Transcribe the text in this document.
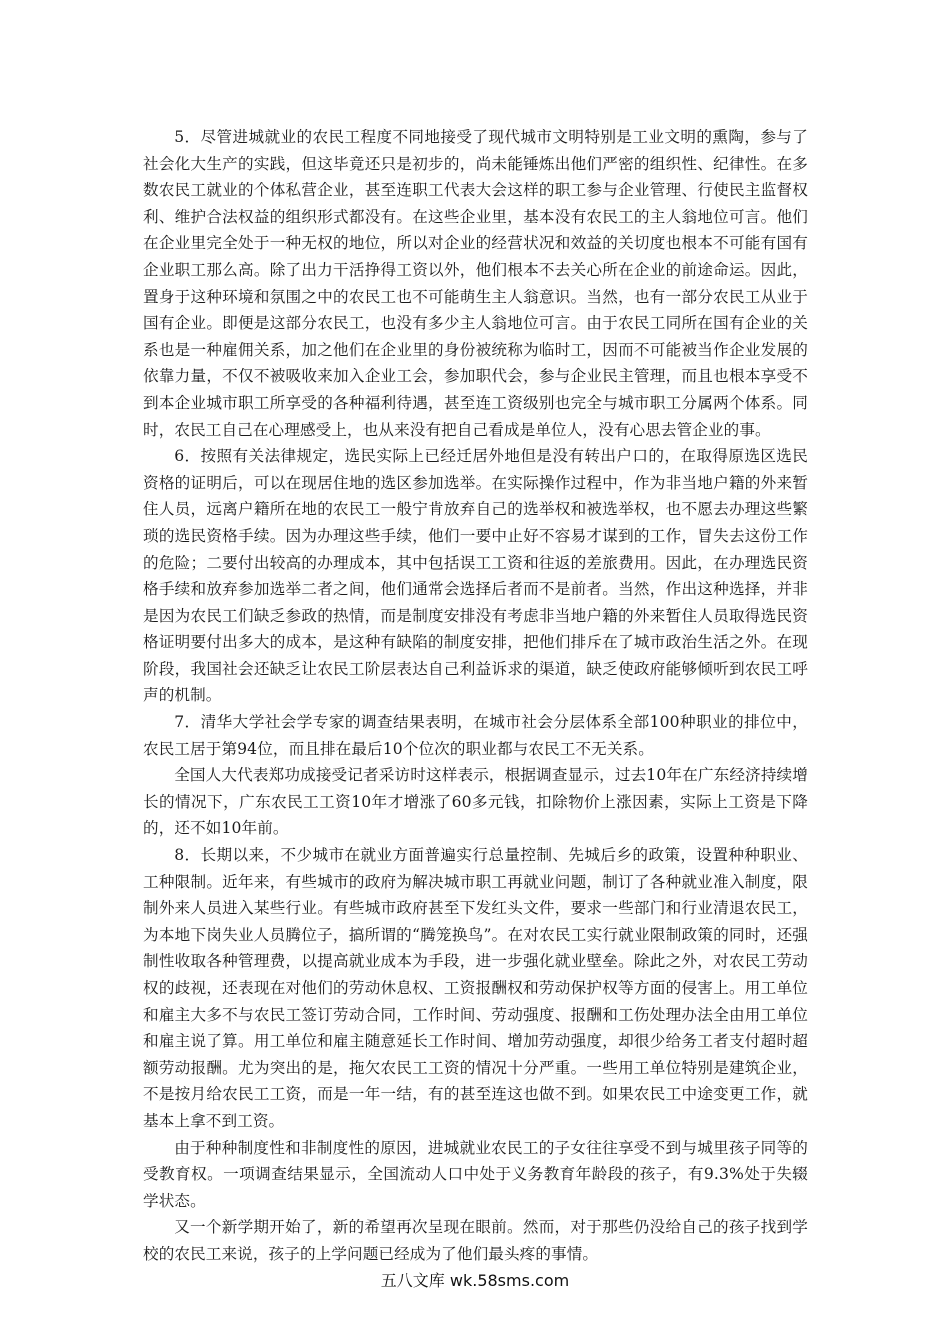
5．尽管进城就业的农民工程度不同地接受了现代城市文明特别是工业文明的熏陶，参与了社会化大生产的实践，但这毕竟还只是初步的，尚未能锤炼出他们严密的组织性、纪律性。在多数农民工就业的个体私营企业，甚至连职工代表大会这样的职工参与企业管理、行使民主监督权利、维护合法权益的组织形式都没有。在这些企业里，基本没有农民工的主人翁地位可言。他们在企业里完全处于一种无权的地位，所以对企业的经营状况和效益的关切度也根本不可能有国有企业职工那么高。除了出力干活挣得工资以外，他们根本不去关心所在企业的前途命运。因此，置身于这种环境和氛围之中的农民工也不可能萌生主人翁意识。当然，也有一部分农民工从业于国有企业。即便是这部分农民工，也没有多少主人翁地位可言。由于农民工同所在国有企业的关系也是一种雇佣关系，加之他们在企业里的身份被统称为临时工，因而不可能被当作企业发展的依靠力量，不仅不被吸收来加入企业工会，参加职代会，参与企业民主管理，而且也根本享受不到本企业城市职工所享受的各种福利待遇，甚至连工资级别也完全与城市职工分属两个体系。同时，农民工自己在心理感受上，也从来没有把自己看成是单位人，没有心思去管企业的事。

6．按照有关法律规定，选民实际上已经迁居外地但是没有转出户口的，在取得原选区选民资格的证明后，可以在现居住地的选区参加选举。在实际操作过程中，作为非当地户籍的外来暂住人员，远离户籍所在地的农民工一般宁肯放弃自己的选举权和被选举权，也不愿去办理这些繁琐的选民资格手续。因为办理这些手续，他们一要中止好不容易才谋到的工作，冒失去这份工作的危险；二要付出较高的办理成本，其中包括误工工资和往返的差旅费用。因此，在办理选民资格手续和放弃参加选举二者之间，他们通常会选择后者而不是前者。当然，作出这种选择，并非是因为农民工们缺乏参政的热情，而是制度安排没有考虑非当地户籍的外来暂住人员取得选民资格证明要付出多大的成本，是这种有缺陷的制度安排，把他们排斥在了城市政治生活之外。在现阶段，我国社会还缺乏让农民工阶层表达自己利益诉求的渠道，缺乏使政府能够倾听到农民工呼声的机制。

7．清华大学社会学专家的调查结果表明，在城市社会分层体系全部100种职业的排位中，农民工居于第94位，而且排在最后10个位次的职业都与农民工不无关系。

全国人大代表郑功成接受记者采访时这样表示，根据调查显示，过去10年在广东经济持续增长的情况下，广东农民工工资10年才增涨了60多元钱，扣除物价上涨因素，实际上工资是下降的，还不如10年前。

8．长期以来，不少城市在就业方面普遍实行总量控制、先城后乡的政策，设置种种职业、工种限制。近年来，有些城市的政府为解决城市职工再就业问题，制订了各种就业准入制度，限制外来人员进入某些行业。有些城市政府甚至下发红头文件，要求一些部门和行业清退农民工，为本地下岗失业人员腾位子，搞所谓的“腾笼换鸟”。在对农民工实行就业限制政策的同时，还强制性收取各种管理费，以提高就业成本为手段，进一步强化就业壁垒。除此之外，对农民工劳动权的歧视，还表现在对他们的劳动休息权、工资报酬权和劳动保护权等方面的侵害上。用工单位和雇主大多不与农民工签订劳动合同，工作时间、劳动强度、报酬和工伤处理办法全由用工单位和雇主说了算。用工单位和雇主随意延长工作时间、增加劳动强度，却很少给务工者支付超时超额劳动报酬。尤为突出的是，拖欠农民工工资的情况十分严重。一些用工单位特别是建筑企业，不是按月给农民工工资，而是一年一结，有的甚至连这也做不到。如果农民工中途变更工作，就基本上拿不到工资。

由于种种制度性和非制度性的原因，进城就业农民工的子女往往享受不到与城里孩子同等的受教育权。一项调查结果显示，全国流动人口中处于义务教育年龄段的孩子，有9.3%处于失辍学状态。

又一个新学期开始了，新的希望再次呈现在眼前。然而，对于那些仍没给自己的孩子找到学校的农民工来说，孩子的上学问题已经成为了他们最头疼的事情。

五八文库 wk.58sms.com
